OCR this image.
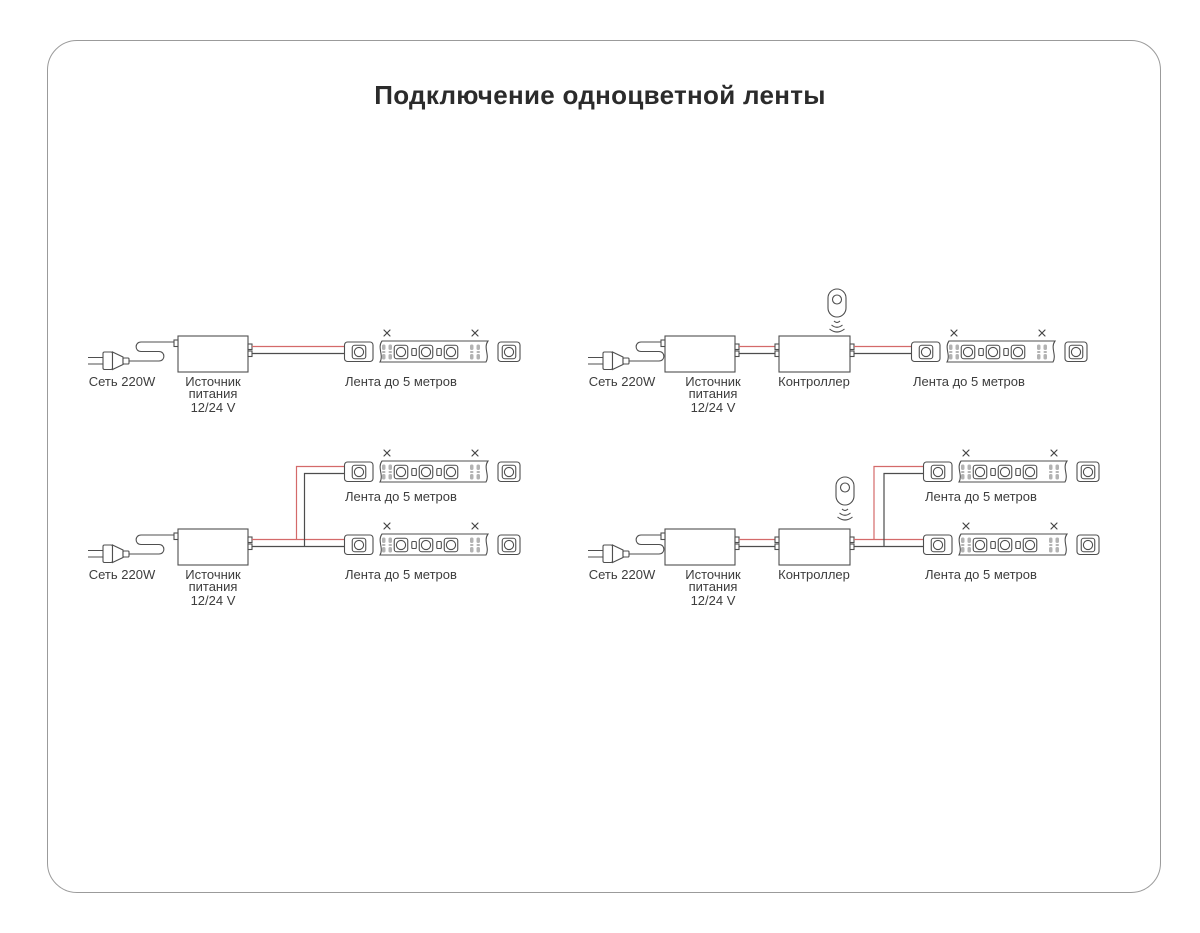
Подключение одноцветной ленты
Сеть 220W Источник
питания
12/24 V
Лента до 5 метров	Сеть 220W Источник
питания
12/24 V
Контроллер	Лента до 5 метров
Сеть 220W Источник
питания
12/24 V
Лента до 5 метров
Лента до 5 метров	Сеть 220W Источник
питания
12/24 V
Контроллер
Лента до 5 метров
Лента до 5 метров
